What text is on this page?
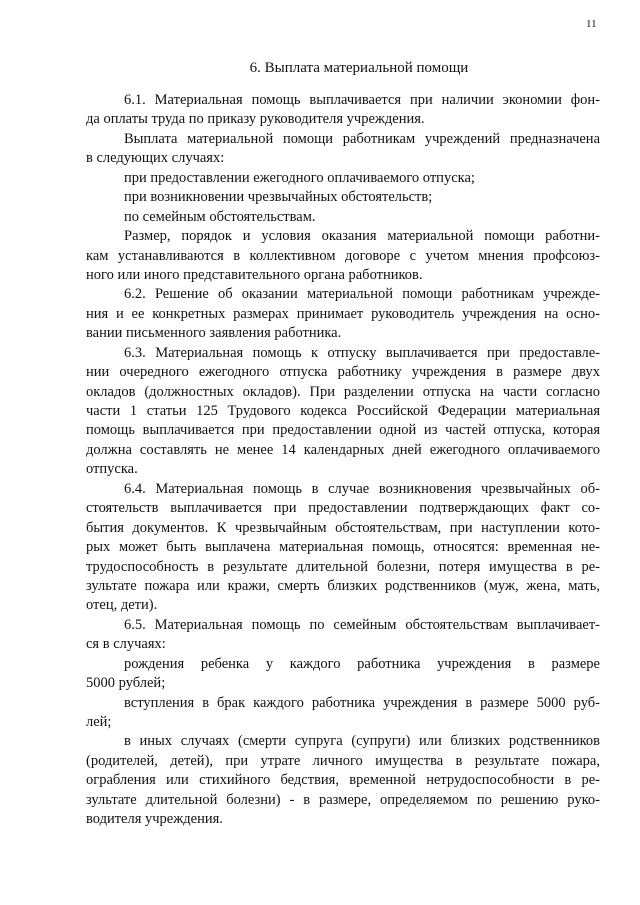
11
6. Выплата материальной помощи
6.1. Материальная помощь выплачивается при наличии экономии фон-
да оплаты труда по приказу руководителя учреждения.
Выплата материальной помощи работникам учреждений предназначена
в следующих случаях:
при предоставлении ежегодного оплачиваемого отпуска;
при возникновении чрезвычайных обстоятельств;
по семейным обстоятельствам.
Размер, порядок и условия оказания материальной помощи работни-
кам устанавливаются в коллективном договоре с учетом мнения профсоюз-
ного или иного представительного органа работников.
6.2. Решение об оказании материальной помощи работникам учрежде-
ния и ее конкретных размерах принимает руководитель учреждения на осно-
вании письменного заявления работника.
6.3. Материальная помощь к отпуску выплачивается при предоставле-
нии очередного ежегодного отпуска работнику учреждения в размере двух
окладов (должностных окладов). При разделении отпуска на части согласно
части 1 статьи 125 Трудового кодекса Российской Федерации материальная
помощь выплачивается при предоставлении одной из частей отпуска, которая
должна составлять не менее 14 календарных дней ежегодного оплачиваемого
отпуска.
6.4. Материальная помощь в случае возникновения чрезвычайных об-
стоятельств выплачивается при предоставлении подтверждающих факт со-
бытия документов. К чрезвычайным обстоятельствам, при наступлении кото-
рых может быть выплачена материальная помощь, относятся: временная не-
трудоспособность в результате длительной болезни, потеря имущества в ре-
зультате пожара или кражи, смерть близких родственников (муж, жена, мать,
отец, дети).
6.5. Материальная помощь по семейным обстоятельствам выплачивает-
ся в случаях:
рождения ребенка у каждого работника учреждения в размере
5000 рублей;
вступления в брак каждого работника учреждения в размере 5000 руб-
лей;
в иных случаях (смерти супруга (супруги) или близких родственников
(родителей, детей), при утрате личного имущества в результате пожара,
ограбления или стихийного бедствия, временной нетрудоспособности в ре-
зультате длительной болезни) - в размере, определяемом по решению руко-
водителя учреждения.
